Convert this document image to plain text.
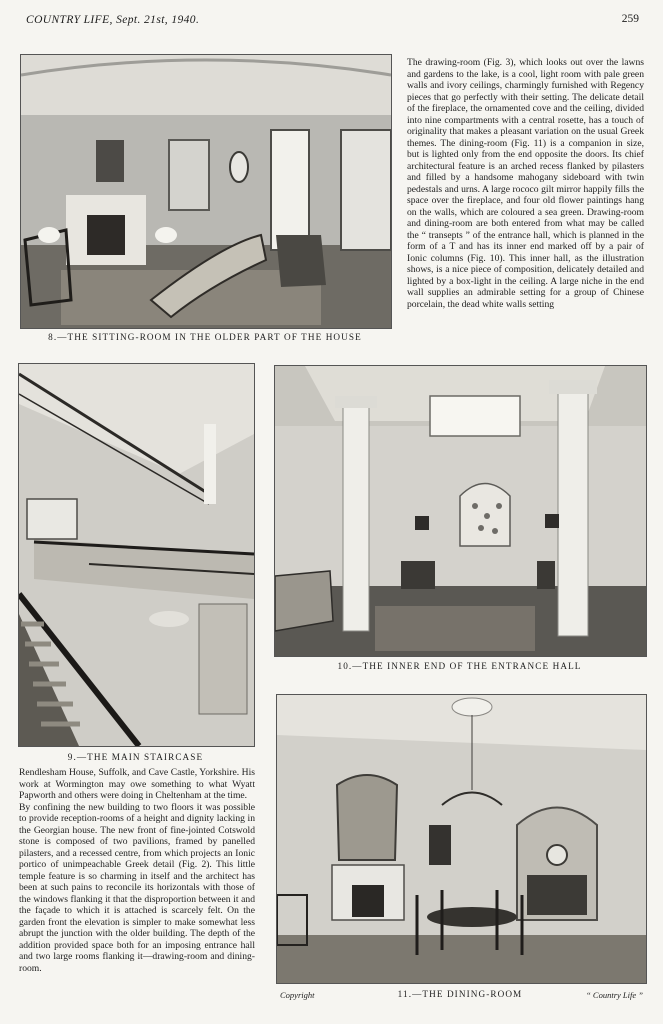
COUNTRY LIFE, Sept. 21st, 1940.	259
8.—THE SITTING-ROOM IN THE OLDER PART OF THE HOUSE

The drawing-room (Fig. 3), which looks out over the lawns and gardens to the lake, is a cool, light room with pale green walls and ivory ceilings, charmingly furnished with Regency pieces that go perfectly with their setting. The delicate detail of the fireplace, the ornamented cove and the ceiling, divided into nine compartments with a central rosette, has a touch of originality that makes a pleasant variation on the usual Greek themes. The dining-room (Fig. 11) is a companion in size, but is lighted only from the end opposite the doors. Its chief architectural feature is an arched recess flanked by pilasters and filled by a handsome mahogany sideboard with twin pedestals and urns. A large rococo gilt mirror happily fills the space over the fireplace, and four old flower paintings hang on the walls, which are coloured a sea green. Drawing-room and dining-room are both entered from what may be called the “ transepts ” of the entrance hall, which is planned in the form of a T and has its inner end marked off by a pair of Ionic columns (Fig. 10). This inner hall, as the illustration shows, is a nice piece of composition, delicately detailed and lighted by a box-light in the ceiling. A large niche in the end wall supplies an admirable setting for a group of Chinese porcelain, the dead white walls setting

9.—THE MAIN STAIRCASE
10.—THE INNER END OF THE ENTRANCE HALL

Rendlesham House, Suffolk, and Cave Castle, Yorkshire. His work at Wormington may owe something to what Wyatt Papworth and others were doing in Cheltenham at the time.
By confining the new building to two floors it was possible to provide reception-rooms of a height and dignity lacking in the Georgian house. The new front of fine-jointed Cotswold stone is composed of two pavilions, framed by panelled pilasters, and a recessed centre, from which projects an Ionic portico of unimpeachable Greek detail (Fig. 2). This little temple feature is so charming in itself and the architect has been at such pains to reconcile its horizontals with those of the windows flanking it that the disproportion between it and the façade to which it is attached is scarcely felt. On the garden front the elevation is simpler to make somewhat less abrupt the junction with the older building. The depth of the addition provided space both for an imposing entrance hall and two large rooms flanking it—drawing-room and dining-room.

Copyright	11.—THE DINING-ROOM	“ Country Life ”
